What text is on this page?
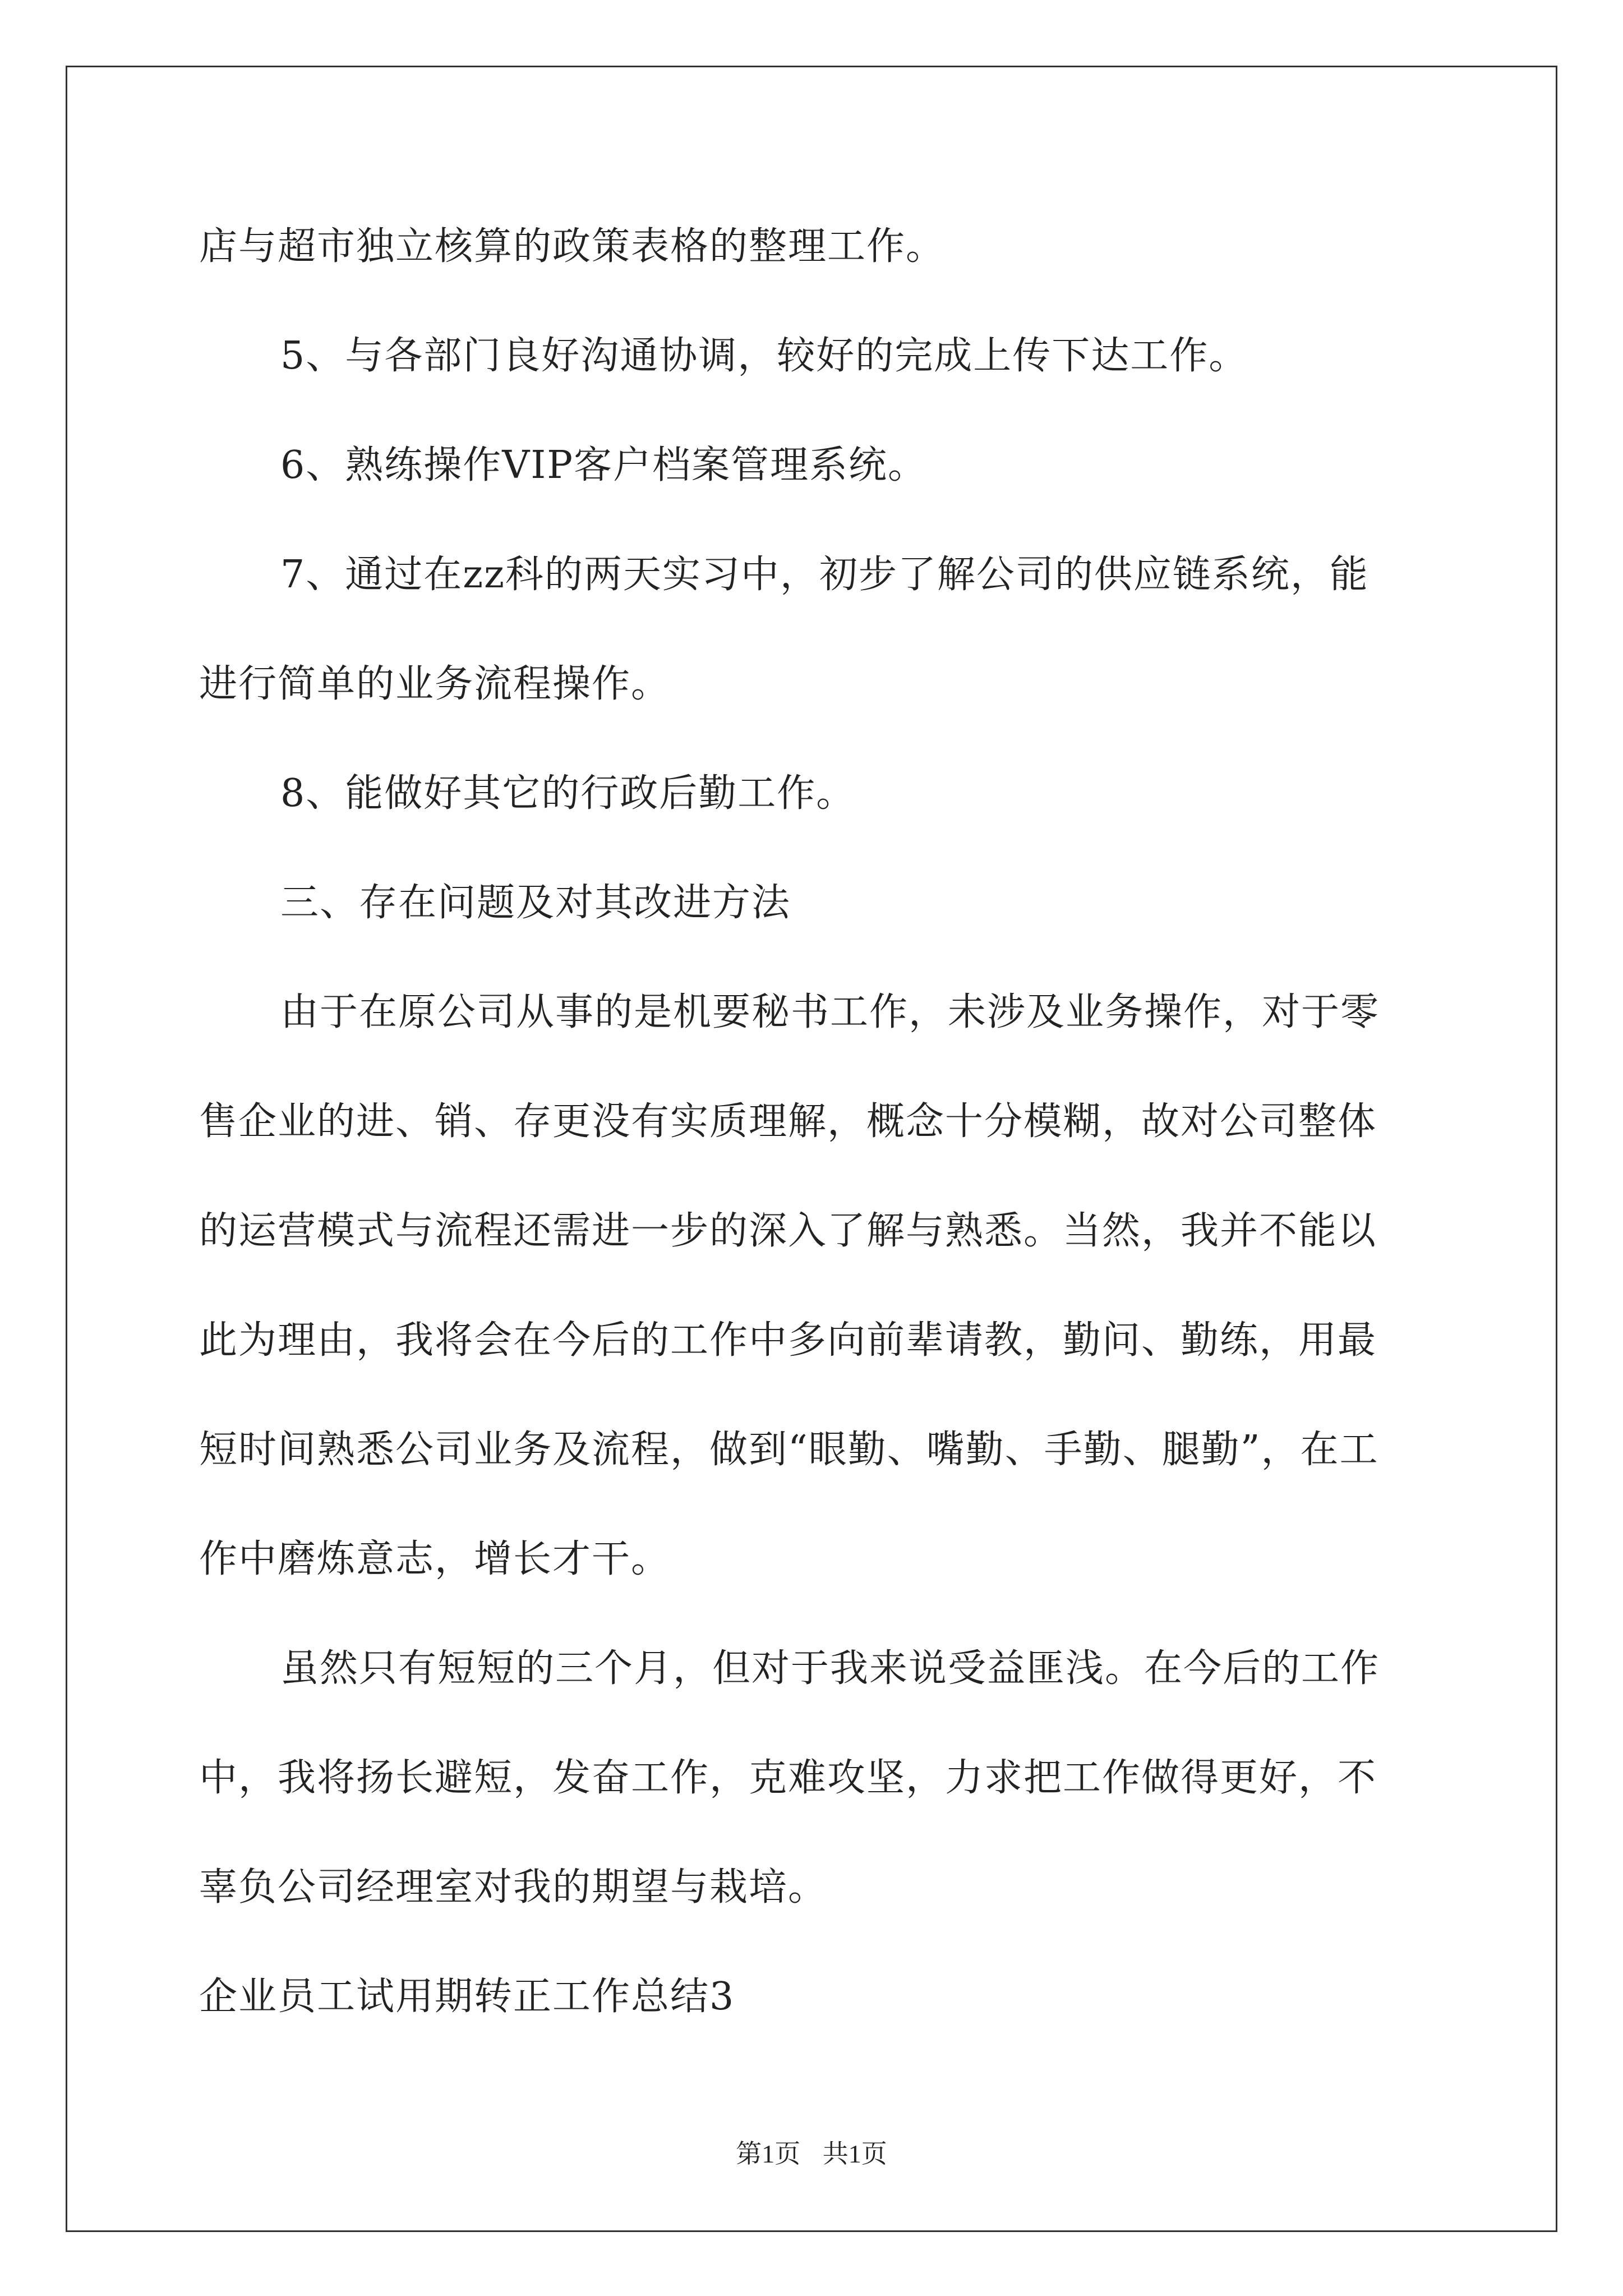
店与超市独立核算的政策表格的整理工作。
5、与各部门良好沟通协调，较好的完成上传下达工作。
6、熟练操作VIP客户档案管理系统。
7、通过在zz科的两天实习中，初步了解公司的供应链系统，能
进行简单的业务流程操作。
8、能做好其它的行政后勤工作。
三、存在问题及对其改进方法
由于在原公司从事的是机要秘书工作，未涉及业务操作，对于零
售企业的进、销、存更没有实质理解，概念十分模糊，故对公司整体
的运营模式与流程还需进一步的深入了解与熟悉。当然，我并不能以
此为理由，我将会在今后的工作中多向前辈请教，勤问、勤练，用最
短时间熟悉公司业务及流程，做到“眼勤、嘴勤、手勤、腿勤”，在工
作中磨炼意志，增长才干。
虽然只有短短的三个月，但对于我来说受益匪浅。在今后的工作
中，我将扬长避短，发奋工作，克难攻坚，力求把工作做得更好，不
辜负公司经理室对我的期望与栽培。
企业员工试用期转正工作总结3
第1页 共1页
